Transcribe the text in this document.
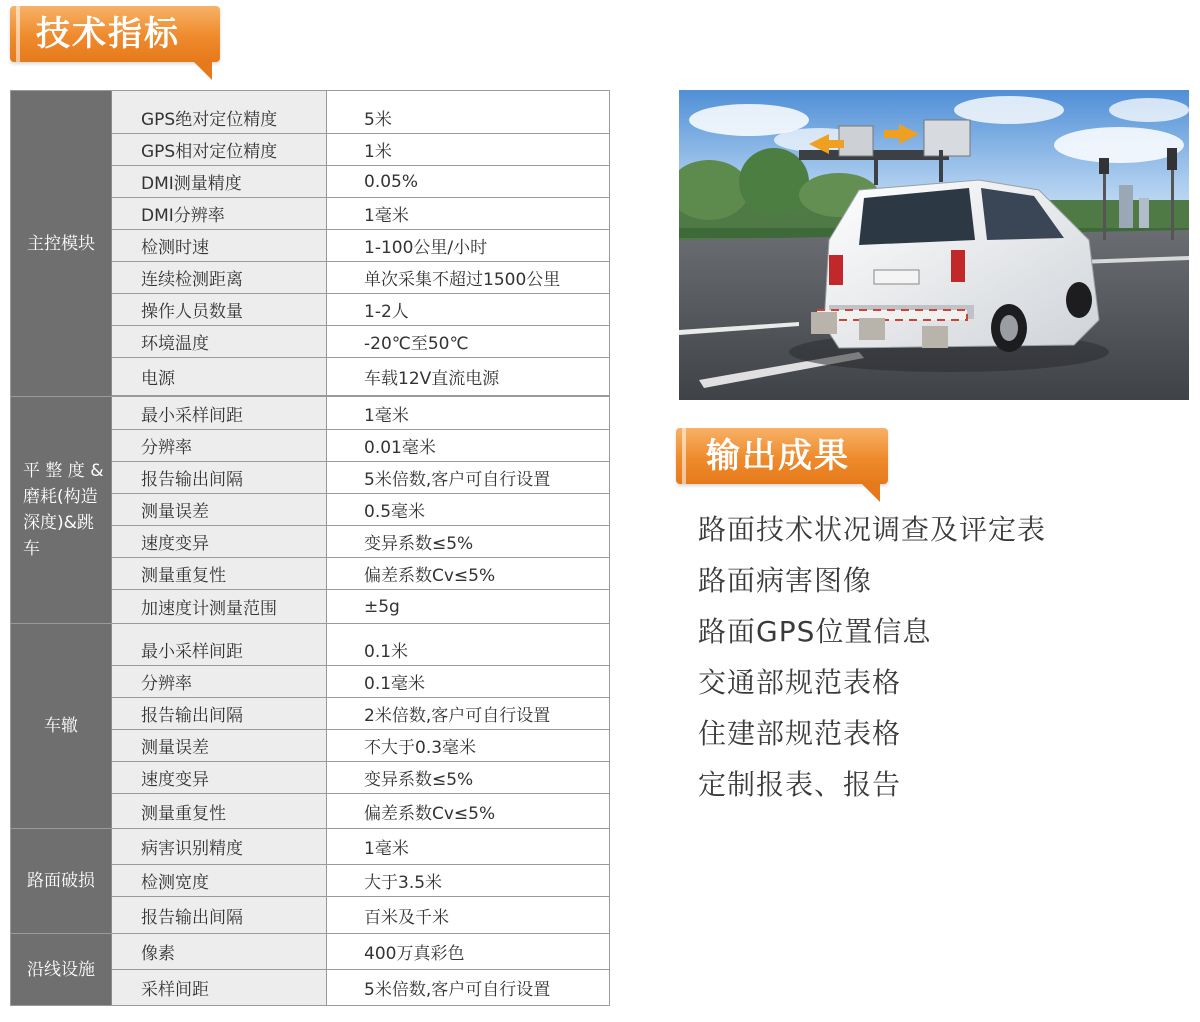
技术指标
主控模块
GPS绝对定位精度	5米
GPS相对定位精度	1米
DMI测量精度	0.05%
DMI分辨率	1毫米
检测时速	1-100公里/小时
连续检测距离	单次采集不超过1500公里
操作人员数量	1-2人
环境温度	-20℃至50℃
电源	车载12V直流电源
平 整 度 & 磨耗(构造深度)&跳车
最小采样间距	1毫米
分辨率	0.01毫米
报告输出间隔	5米倍数,客户可自行设置
测量误差	0.5毫米
速度变异	变异系数≤5%
测量重复性	偏差系数Cv≤5%
加速度计测量范围	±5g
车辙
最小采样间距	0.1米
分辨率	0.1毫米
报告输出间隔	2米倍数,客户可自行设置
测量误差	不大于0.3毫米
速度变异	变异系数≤5%
测量重复性	偏差系数Cv≤5%
路面破损
病害识别精度	1毫米
检测宽度	大于3.5米
报告输出间隔	百米及千米
沿线设施
像素	400万真彩色
采样间距	5米倍数,客户可自行设置
输出成果
路面技术状况调查及评定表
路面病害图像
路面GPS位置信息
交通部规范表格
住建部规范表格
定制报表、报告
